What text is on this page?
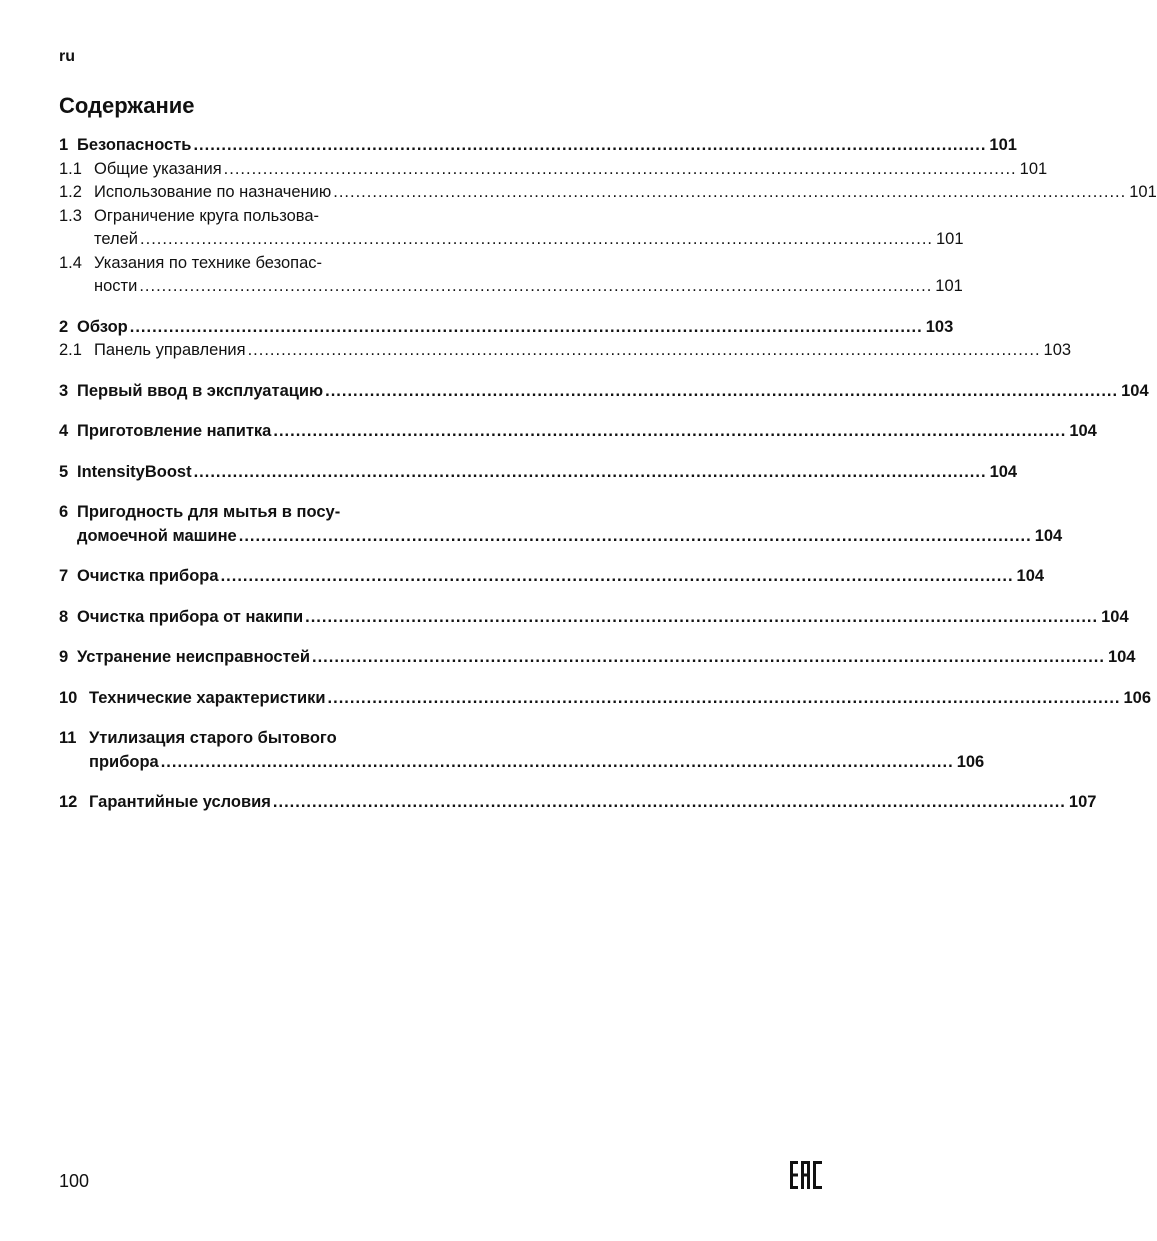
ru
Содержание
1 Безопасность .....	101
1.1 Общие указания .....	101
1.2 Использование по назначению .....	101
1.3 Ограничение круга пользова-
телей .....	101
1.4 Указания по технике безопас-
ности .....	101
2 Обзор .....	103
2.1 Панель управления .....	103
3 Первый ввод в эксплуатацию .....	104
4 Приготовление напитка .....	104
5 IntensityBoost .....	104
6 Пригодность для мытья в посу-
домоечной машине .....	104
7 Очистка прибора .....	104
8 Очистка прибора от накипи .....	104
9 Устранение неисправностей .....	104
10 Технические характеристики .....	106
11 Утилизация старого бытового
прибора .....	106
12 Гарантийные условия .....	107
100
